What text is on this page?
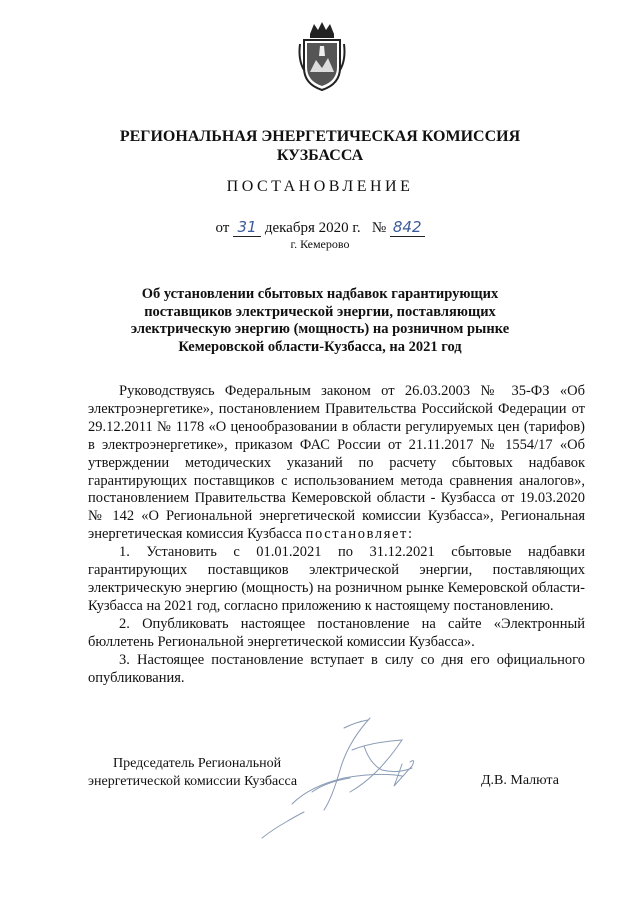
РЕГИОНАЛЬНАЯ ЭНЕРГЕТИЧЕСКАЯ КОМИССИЯ
КУЗБАССА
ПОСТАНОВЛЕНИЕ
от 31 декабря 2020 г. № 842
г. Кемерово
Об установлении сбытовых надбавок гарантирующих
поставщиков электрической энергии, поставляющих
электрическую энергию (мощность) на розничном рынке
Кемеровской области-Кузбасса, на 2021 год

Руководствуясь Федеральным законом от 26.03.2003 № 35-ФЗ «Об электроэнергетике», постановлением Правительства Российской Федерации от 29.12.2011 № 1178 «О ценообразовании в области регулируемых цен (тарифов) в электроэнергетике», приказом ФАС России от 21.11.2017 № 1554/17 «Об утверждении методических указаний по расчету сбытовых надбавок гарантирующих поставщиков с использованием метода сравнения аналогов», постановлением Правительства Кемеровской области - Кузбасса от 19.03.2020 № 142 «О Региональной энергетической комиссии Кузбасса», Региональная энергетическая комиссия Кузбасса постановляет:

1. Установить с 01.01.2021 по 31.12.2021 сбытовые надбавки гарантирующих поставщиков электрической энергии, поставляющих электрическую энергию (мощность) на розничном рынке Кемеровской области-Кузбасса на 2021 год, согласно приложению к настоящему постановлению.

2. Опубликовать настоящее постановление на сайте «Электронный бюллетень Региональной энергетической комиссии Кузбасса».

3. Настоящее постановление вступает в силу со дня его официального опубликования.

Председатель Региональной
энергетической комиссии Кузбасса	Д.В. Малюта
